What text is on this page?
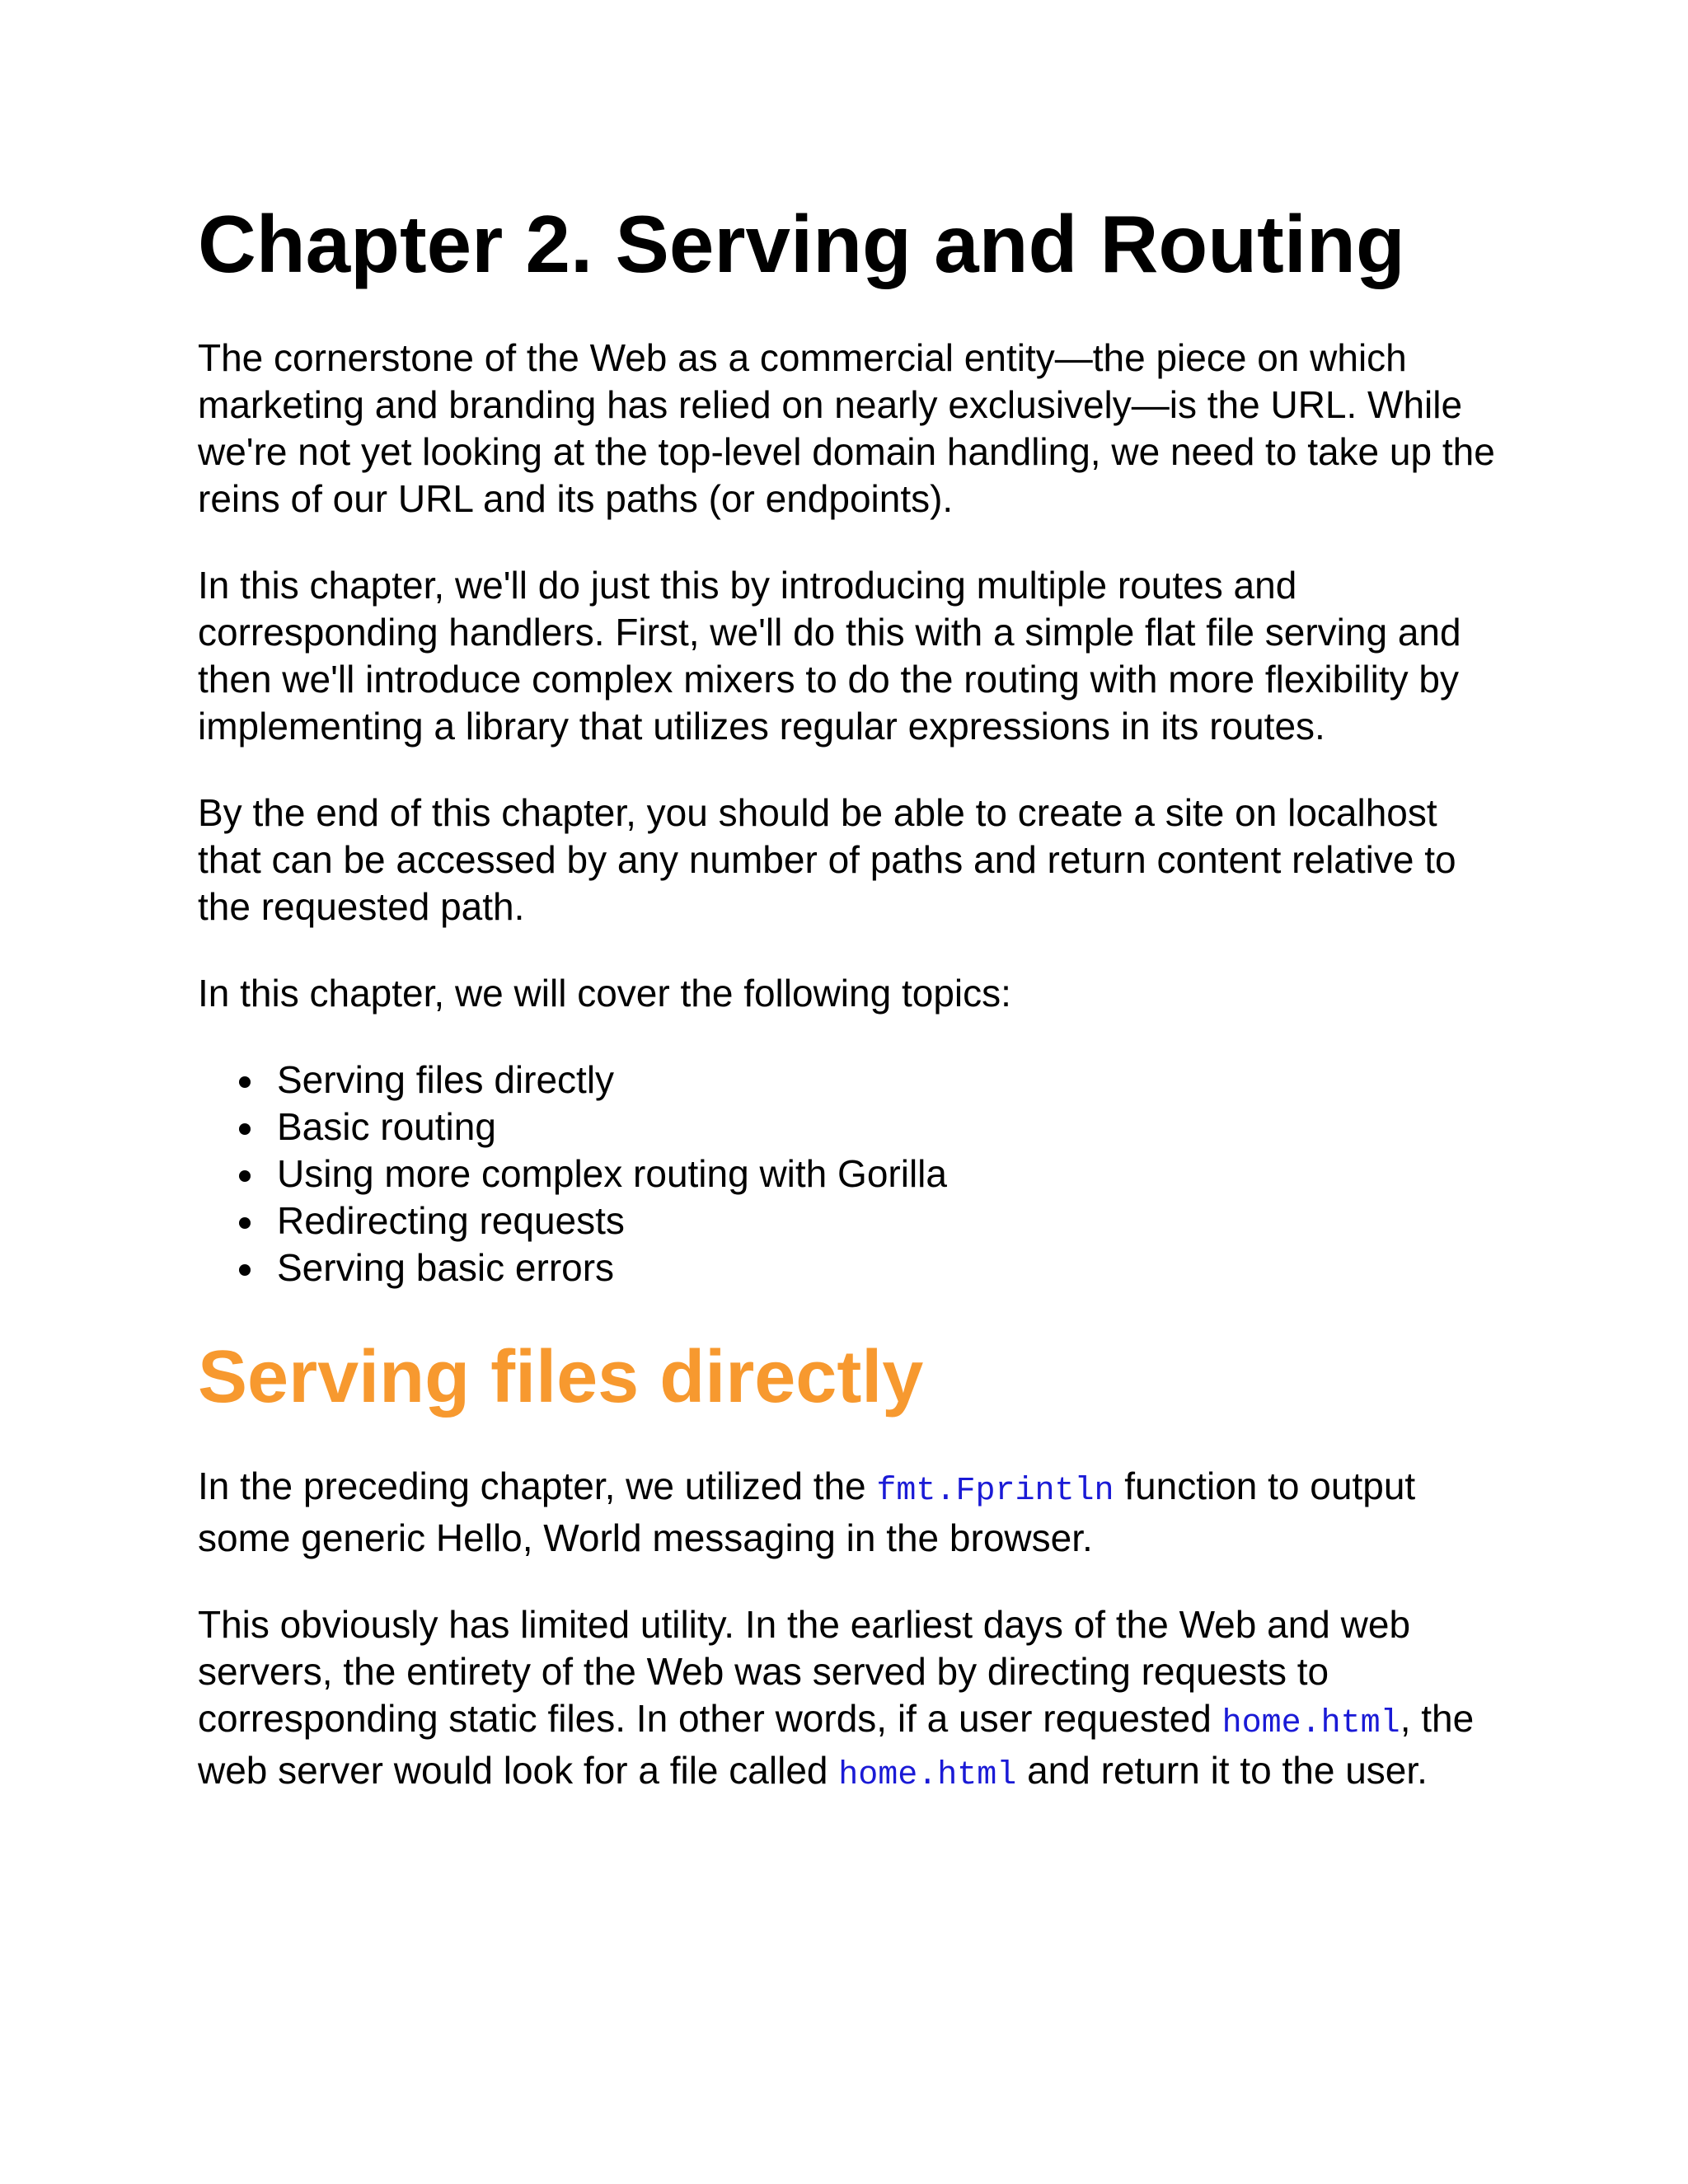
Chapter 2. Serving and Routing

The cornerstone of the Web as a commercial entity—the piece on which marketing and branding has relied on nearly exclusively—is the URL. While we're not yet looking at the top-level domain handling, we need to take up the reins of our URL and its paths (or endpoints).

In this chapter, we'll do just this by introducing multiple routes and corresponding handlers. First, we'll do this with a simple flat file serving and then we'll introduce complex mixers to do the routing with more flexibility by implementing a library that utilizes regular expressions in its routes.

By the end of this chapter, you should be able to create a site on localhost that can be accessed by any number of paths and return content relative to the requested path.

In this chapter, we will cover the following topics:

Serving files directly
Basic routing
Using more complex routing with Gorilla
Redirecting requests
Serving basic errors
Serving files directly

In the preceding chapter, we utilized the fmt.Fprintln function to output some generic Hello, World messaging in the browser.

This obviously has limited utility. In the earliest days of the Web and web servers, the entirety of the Web was served by directing requests to corresponding static files. In other words, if a user requested home.html, the web server would look for a file called home.html and return it to the user.
